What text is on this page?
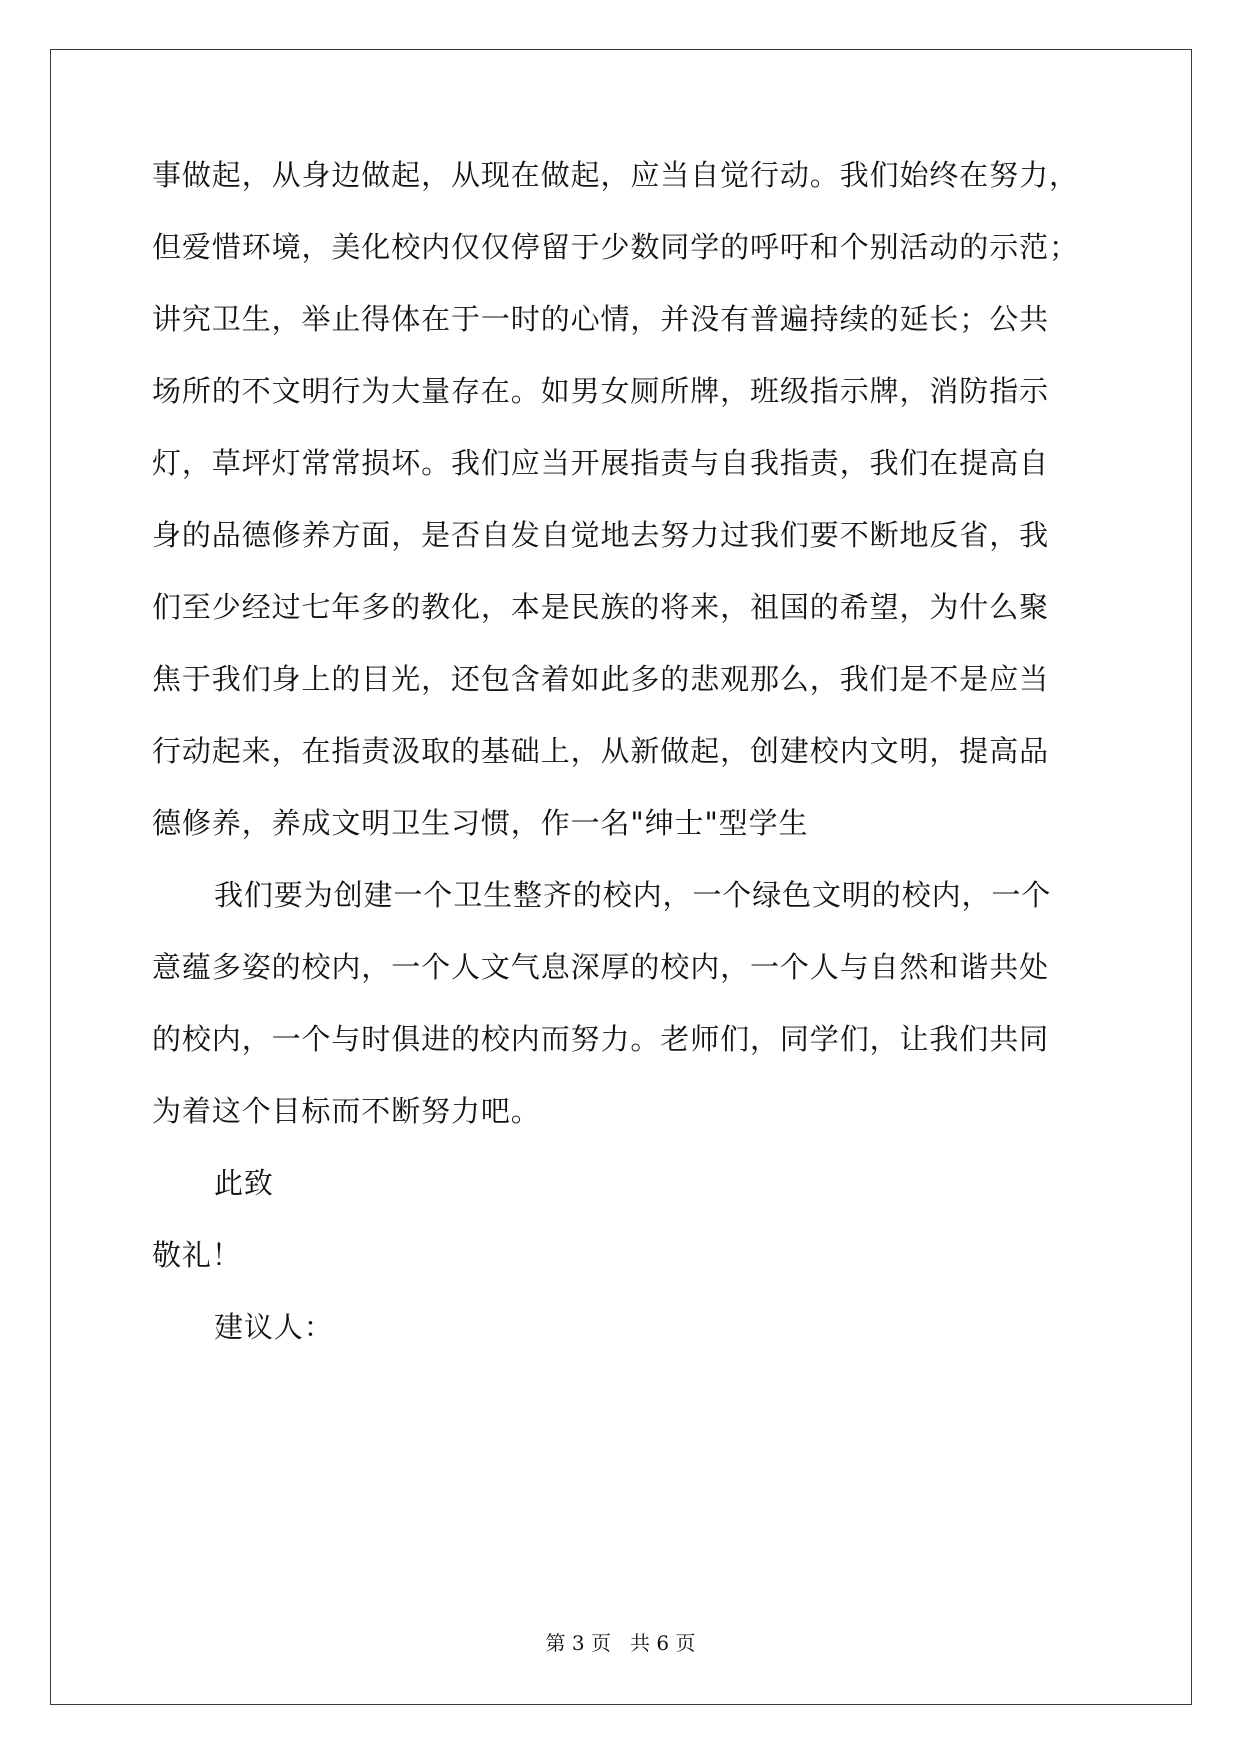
事做起，从身边做起，从现在做起，应当自觉行动。我们始终在努力，
但爱惜环境，美化校内仅仅停留于少数同学的呼吁和个别活动的示范；
讲究卫生，举止得体在于一时的心情，并没有普遍持续的延长；公共
场所的不文明行为大量存在。如男女厕所牌，班级指示牌，消防指示
灯，草坪灯常常损坏。我们应当开展指责与自我指责，我们在提高自
身的品德修养方面，是否自发自觉地去努力过我们要不断地反省，我
们至少经过七年多的教化，本是民族的将来，祖国的希望，为什么聚
焦于我们身上的目光，还包含着如此多的悲观那么，我们是不是应当
行动起来，在指责汲取的基础上，从新做起，创建校内文明，提高品
德修养，养成文明卫生习惯，作一名"绅士"型学生
我们要为创建一个卫生整齐的校内，一个绿色文明的校内，一个
意蕴多姿的校内，一个人文气息深厚的校内，一个人与自然和谐共处
的校内，一个与时俱进的校内而努力。老师们，同学们，让我们共同
为着这个目标而不断努力吧。
此致
敬礼！
建议人：
第 3 页   共 6 页
